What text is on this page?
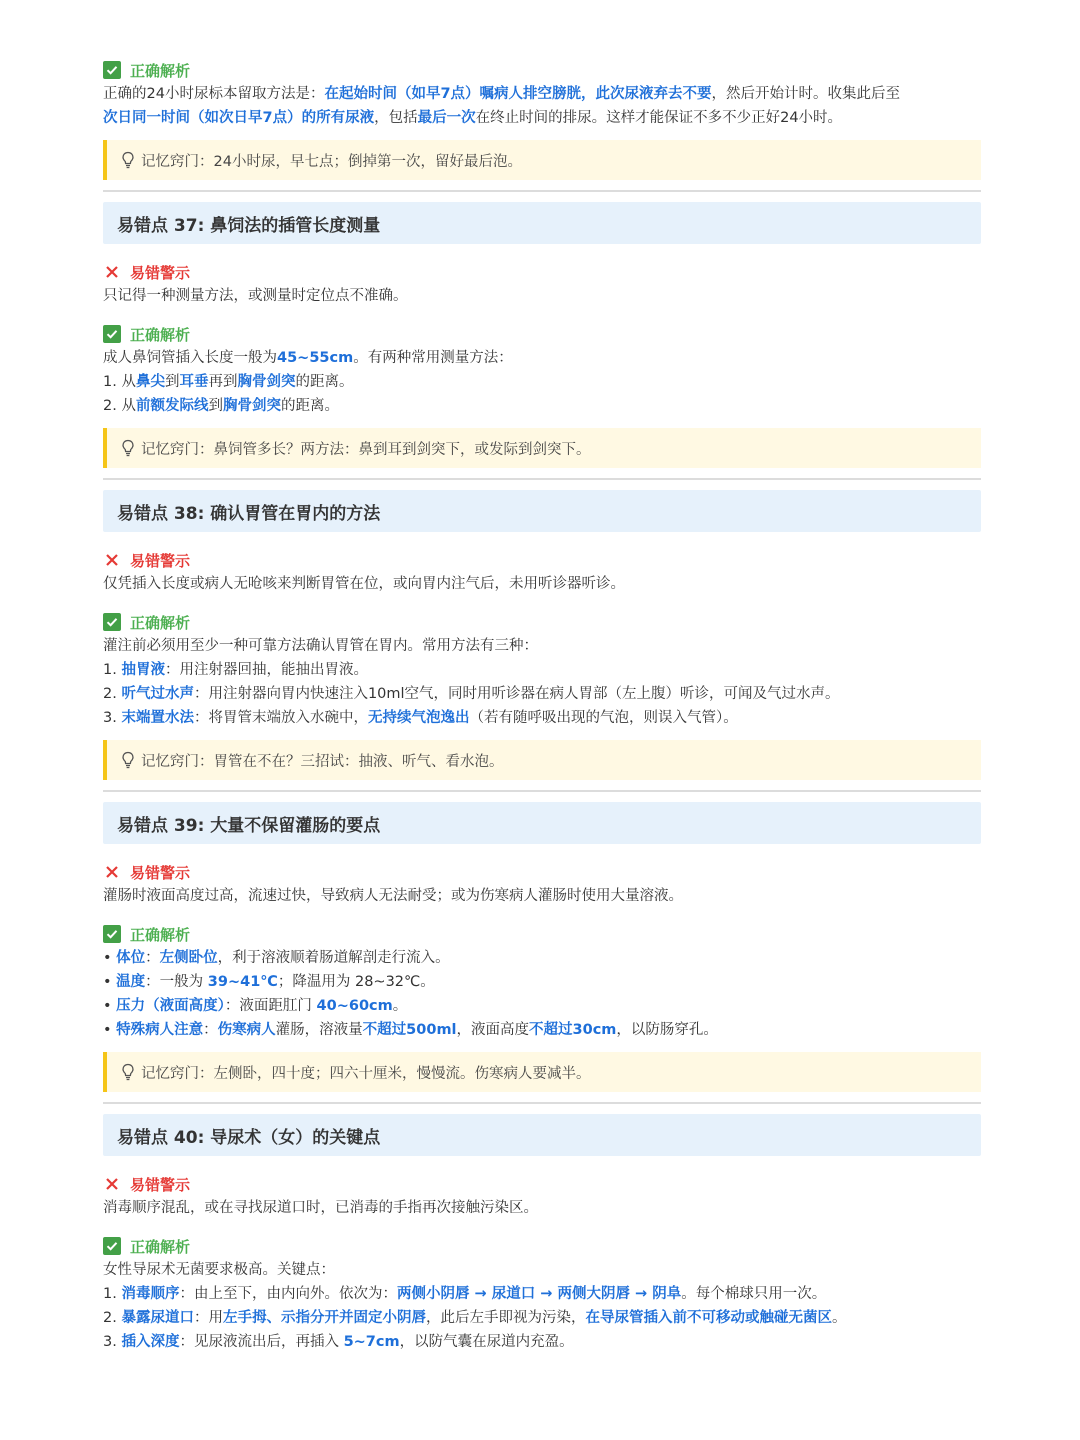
正确解析
正确的24小时尿标本留取方法是：在起始时间（如早7点）嘱病人排空膀胱，此次尿液弃去不要，然后开始计时。收集此后至
次日同一时间（如次日早7点）的所有尿液，包括最后一次在终止时间的排尿。这样才能保证不多不少正好24小时。
记忆窍门：24小时尿，早七点；倒掉第一次，留好最后泡。
易错点 37: 鼻饲法的插管长度测量
易错警示
只记得一种测量方法，或测量时定位点不准确。
正确解析
成人鼻饲管插入长度一般为45~55cm。有两种常用测量方法：
1. 从鼻尖到耳垂再到胸骨剑突的距离。
2. 从前额发际线到胸骨剑突的距离。
记忆窍门：鼻饲管多长？两方法：鼻到耳到剑突下，或发际到剑突下。
易错点 38: 确认胃管在胃内的方法
易错警示
仅凭插入长度或病人无呛咳来判断胃管在位，或向胃内注气后，未用听诊器听诊。
正确解析
灌注前必须用至少一种可靠方法确认胃管在胃内。常用方法有三种：
1. 抽胃液：用注射器回抽，能抽出胃液。
2. 听气过水声：用注射器向胃内快速注入10ml空气，同时用听诊器在病人胃部（左上腹）听诊，可闻及气过水声。
3. 末端置水法：将胃管末端放入水碗中，无持续气泡逸出（若有随呼吸出现的气泡，则误入气管）。
记忆窍门：胃管在不在？三招试：抽液、听气、看水泡。
易错点 39: 大量不保留灌肠的要点
易错警示
灌肠时液面高度过高，流速过快，导致病人无法耐受；或为伤寒病人灌肠时使用大量溶液。
正确解析
• 体位：左侧卧位，利于溶液顺着肠道解剖走行流入。
• 温度：一般为 39~41℃；降温用为 28~32℃。
• 压力（液面高度）：液面距肛门 40~60cm。
• 特殊病人注意：伤寒病人灌肠，溶液量不超过500ml，液面高度不超过30cm，以防肠穿孔。
记忆窍门：左侧卧，四十度；四六十厘米，慢慢流。伤寒病人要减半。
易错点 40: 导尿术（女）的关键点
易错警示
消毒顺序混乱，或在寻找尿道口时，已消毒的手指再次接触污染区。
正确解析
女性导尿术无菌要求极高。关键点：
1. 消毒顺序：由上至下，由内向外。依次为：两侧小阴唇 → 尿道口 → 两侧大阴唇 → 阴阜。每个棉球只用一次。
2. 暴露尿道口：用左手拇、示指分开并固定小阴唇，此后左手即视为污染，在导尿管插入前不可移动或触碰无菌区。
3. 插入深度：见尿液流出后，再插入 5~7cm，以防气囊在尿道内充盈。
